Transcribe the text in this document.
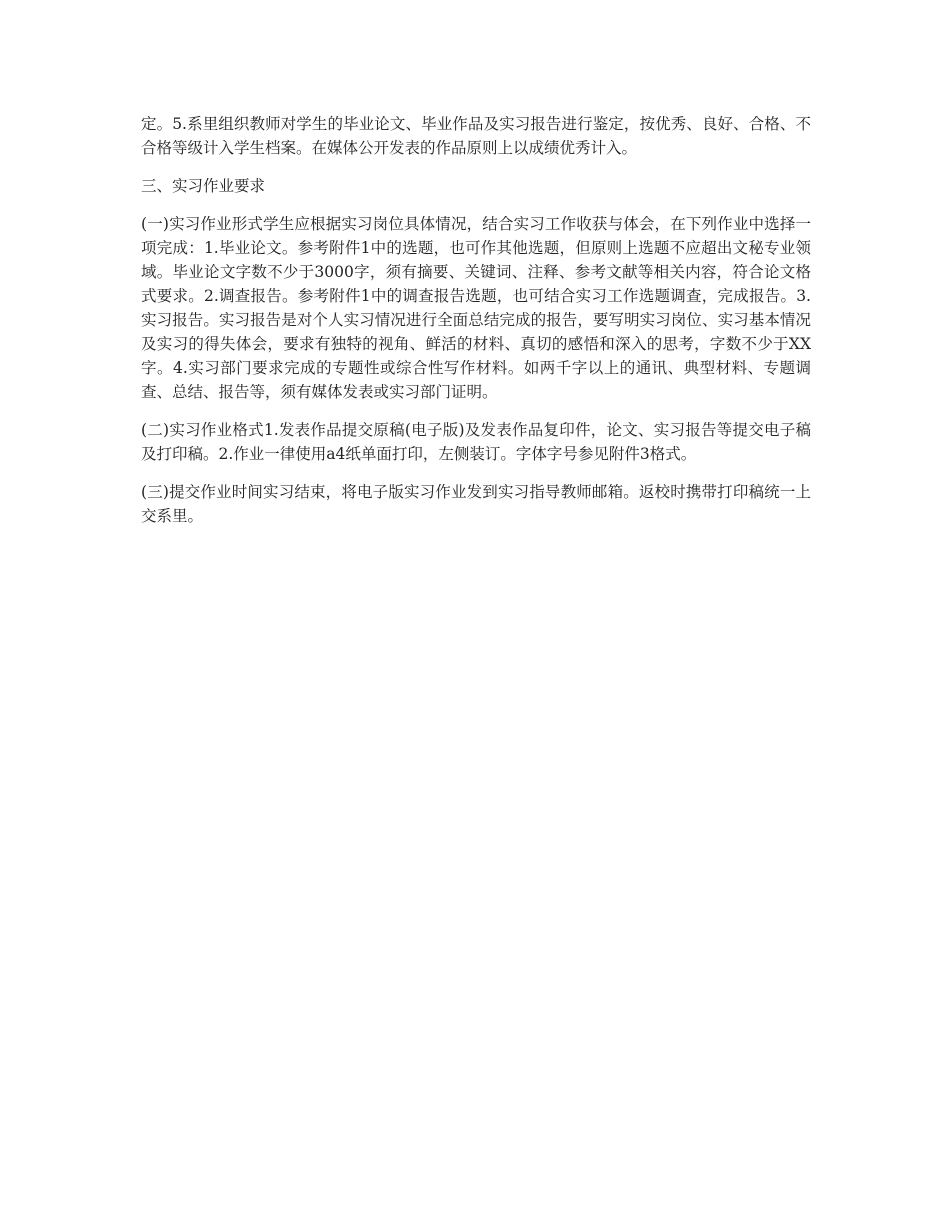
定。5.系里组织教师对学生的毕业论文、毕业作品及实习报告进行鉴定，按优秀、良好、合格、不合格等级计入学生档案。在媒体公开发表的作品原则上以成绩优秀计入。

三、实习作业要求

(一)实习作业形式学生应根据实习岗位具体情况，结合实习工作收获与体会，在下列作业中选择一项完成：1.毕业论文。参考附件1中的选题，也可作其他选题，但原则上选题不应超出文秘专业领域。毕业论文字数不少于3000字，须有摘要、关键词、注释、参考文献等相关内容，符合论文格式要求。2.调查报告。参考附件1中的调查报告选题，也可结合实习工作选题调查，完成报告。3.实习报告。实习报告是对个人实习情况进行全面总结完成的报告，要写明实习岗位、实习基本情况及实习的得失体会，要求有独特的视角、鲜活的材料、真切的感悟和深入的思考，字数不少于XX字。4.实习部门要求完成的专题性或综合性写作材料。如两千字以上的通讯、典型材料、专题调查、总结、报告等，须有媒体发表或实习部门证明。

(二)实习作业格式1.发表作品提交原稿(电子版)及发表作品复印件，论文、实习报告等提交电子稿及打印稿。2.作业一律使用a4纸单面打印，左侧装订。字体字号参见附件3格式。

(三)提交作业时间实习结束，将电子版实习作业发到实习指导教师邮箱。返校时携带打印稿统一上交系里。
